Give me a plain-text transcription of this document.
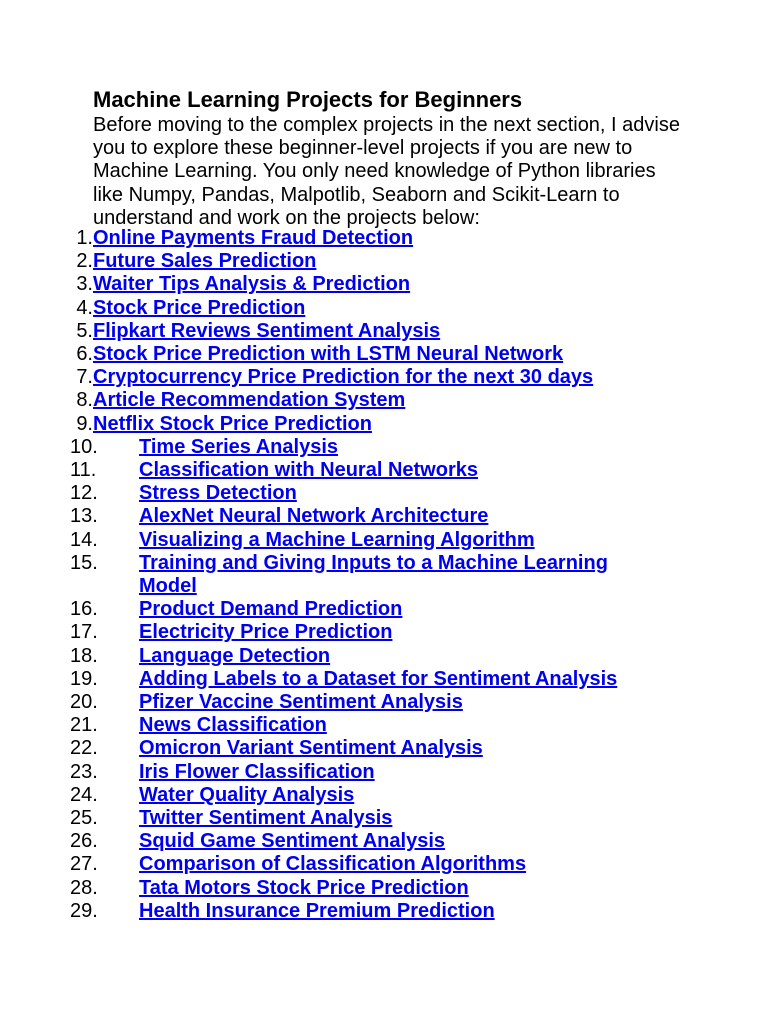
Machine Learning Projects for Beginners

Before moving to the complex projects in the next section, I advise you to explore these beginner-level projects if you are new to Machine Learning. You only need knowledge of Python libraries like Numpy, Pandas, Malpotlib, Seaborn and Scikit-Learn to understand and work on the projects below:

1. Online Payments Fraud Detection
2. Future Sales Prediction
3. Waiter Tips Analysis & Prediction
4. Stock Price Prediction
5. Flipkart Reviews Sentiment Analysis
6. Stock Price Prediction with LSTM Neural Network
7. Cryptocurrency Price Prediction for the next 30 days
8. Article Recommendation System
9. Netflix Stock Price Prediction
10. Time Series Analysis
11. Classification with Neural Networks
12. Stress Detection
13. AlexNet Neural Network Architecture
14. Visualizing a Machine Learning Algorithm
15. Training and Giving Inputs to a Machine Learning
Model
16. Product Demand Prediction
17. Electricity Price Prediction
18. Language Detection
19. Adding Labels to a Dataset for Sentiment Analysis
20. Pfizer Vaccine Sentiment Analysis
21. News Classification
22. Omicron Variant Sentiment Analysis
23. Iris Flower Classification
24. Water Quality Analysis
25. Twitter Sentiment Analysis
26. Squid Game Sentiment Analysis
27. Comparison of Classification Algorithms
28. Tata Motors Stock Price Prediction
29. Health Insurance Premium Prediction
